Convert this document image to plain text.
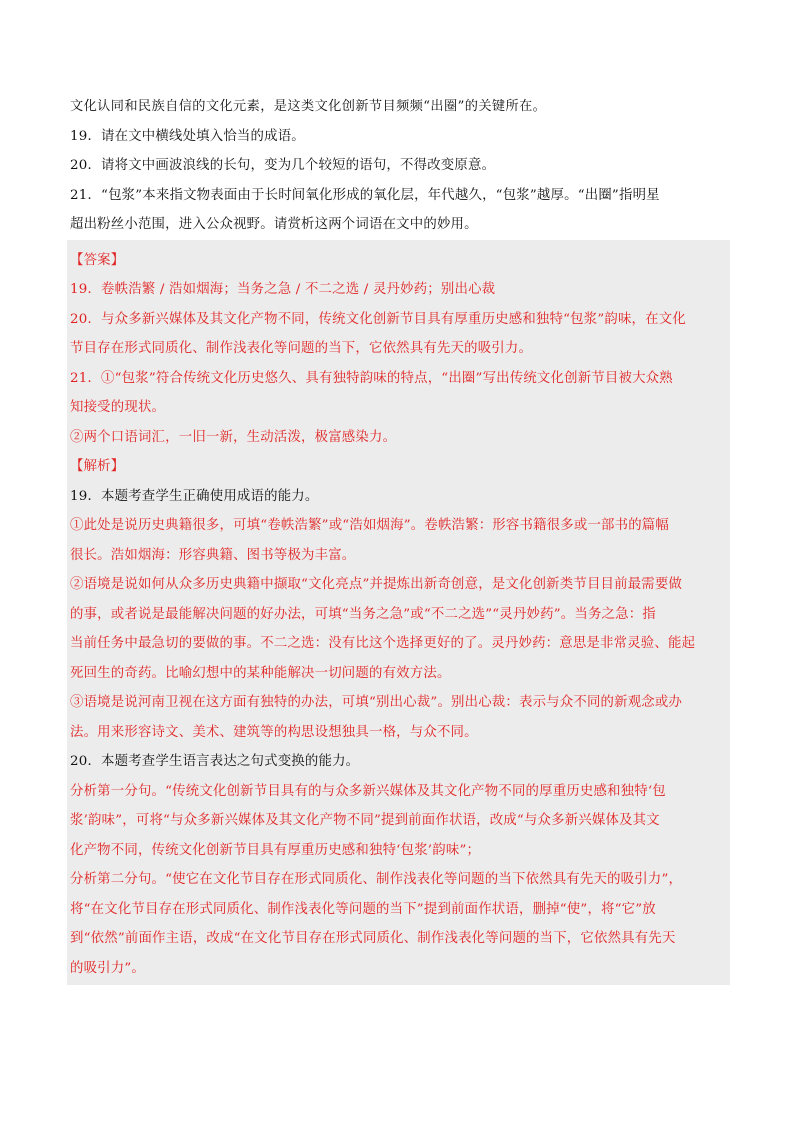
文化认同和民族自信的文化元素，是这类文化创新节目频频“出圈”的关键所在。
19．请在文中横线处填入恰当的成语。
20．请将文中画波浪线的长句，变为几个较短的语句，不得改变原意。
21．“包浆”本来指文物表面由于长时间氧化形成的氧化层，年代越久，“包浆”越厚。“出圈”指明星
超出粉丝小范围，进入公众视野。请赏析这两个词语在文中的妙用。
【答案】
19．卷帙浩繁 / 浩如烟海；当务之急 / 不二之选 / 灵丹妙药；别出心裁
20．与众多新兴媒体及其文化产物不同，传统文化创新节目具有厚重历史感和独特“包浆”韵味，在文化
节目存在形式同质化、制作浅表化等问题的当下，它依然具有先天的吸引力。
21．①“包浆”符合传统文化历史悠久、具有独特韵味的特点，“出圈”写出传统文化创新节目被大众熟
知接受的现状。
②两个口语词汇，一旧一新，生动活泼，极富感染力。
【解析】
19．本题考查学生正确使用成语的能力。
①此处是说历史典籍很多，可填“卷帙浩繁”或“浩如烟海”。卷帙浩繁：形容书籍很多或一部书的篇幅
很长。浩如烟海：形容典籍、图书等极为丰富。
②语境是说如何从众多历史典籍中撷取“文化亮点”并提炼出新奇创意，是文化创新类节目目前最需要做
的事，或者说是最能解决问题的好办法，可填“当务之急”或“不二之选”“灵丹妙药”。当务之急：指
当前任务中最急切的要做的事。不二之选：没有比这个选择更好的了。灵丹妙药：意思是非常灵验、能起
死回生的奇药。比喻幻想中的某种能解决一切问题的有效方法。
③语境是说河南卫视在这方面有独特的办法，可填“别出心裁”。别出心裁：表示与众不同的新观念或办
法。用来形容诗文、美术、建筑等的构思设想独具一格，与众不同。
20．本题考查学生语言表达之句式变换的能力。
分析第一分句。“传统文化创新节目具有的与众多新兴媒体及其文化产物不同的厚重历史感和独特‘包
浆’韵味”，可将“与众多新兴媒体及其文化产物不同”提到前面作状语，改成“与众多新兴媒体及其文
化产物不同，传统文化创新节目具有厚重历史感和独特‘包浆’韵味”；
分析第二分句。“使它在文化节目存在形式同质化、制作浅表化等问题的当下依然具有先天的吸引力”，
将“在文化节目存在形式同质化、制作浅表化等问题的当下”提到前面作状语，删掉“使”，将“它”放
到“依然”前面作主语，改成“在文化节目存在形式同质化、制作浅表化等问题的当下，它依然具有先天
的吸引力”。
